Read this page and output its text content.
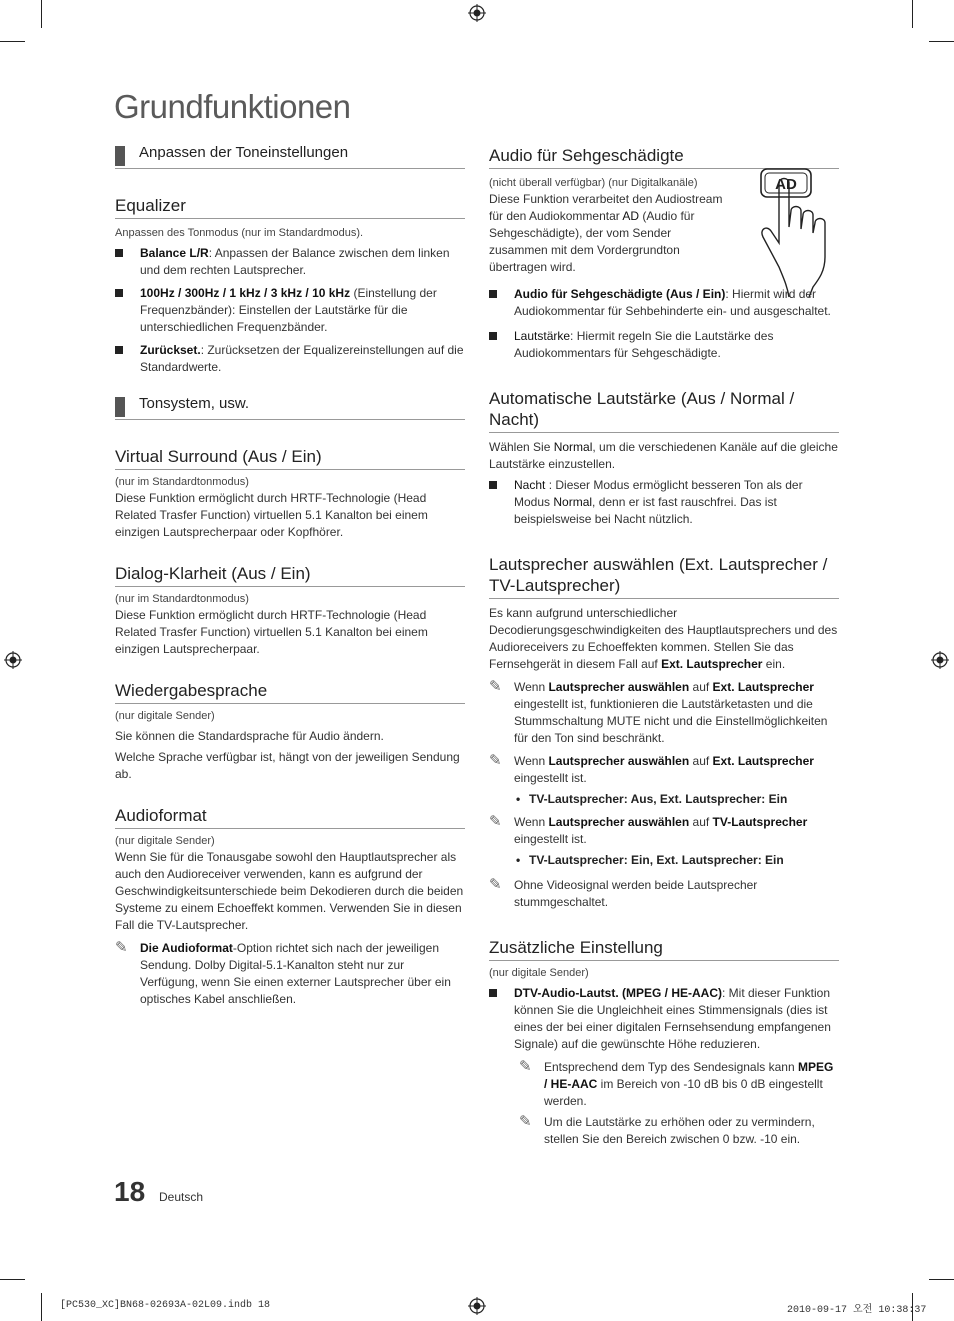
Grundfunktionen
Anpassen der Toneinstellungen
Equalizer
Anpassen des Tonmodus (nur im Standardmodus).
Balance L/R: Anpassen der Balance zwischen dem linken und dem rechten Lautsprecher.
100Hz / 300Hz / 1 kHz / 3 kHz / 10 kHz (Einstellung der Frequenzbänder): Einstellen der Lautstärke für die unterschiedlichen Frequenzbänder.
Zurückset.: Zurücksetzen der Equalizereinstellungen auf die Standardwerte.
Tonsystem, usw.
Virtual Surround (Aus / Ein)
(nur im Standardtonmodus)
Diese Funktion ermöglicht durch HRTF-Technologie (Head Related Trasfer Function) virtuellen 5.1 Kanalton bei einem einzigen Lautsprecherpaar oder Kopfhörer.
Dialog-Klarheit (Aus / Ein)
(nur im Standardtonmodus)
Diese Funktion ermöglicht durch HRTF-Technologie (Head Related Trasfer Function) virtuellen 5.1 Kanalton bei einem einzigen Lautsprecherpaar.
Wiedergabesprache
(nur digitale Sender)
Sie können die Standardsprache für Audio ändern.
Welche Sprache verfügbar ist, hängt von der jeweiligen Sendung ab.
Audioformat
(nur digitale Sender)
Wenn Sie für die Tonausgabe sowohl den Hauptlautsprecher als auch den Audioreceiver verwenden, kann es aufgrund der Geschwindigkeitsunterschiede beim Dekodieren durch die beiden Systeme zu einem Echoeffekt kommen. Verwenden Sie in diesen Fall die TV-Lautsprecher.
✎ Die Audioformat-Option richtet sich nach der jeweiligen Sendung. Dolby Digital-5.1-Kanalton steht nur zur Verfügung, wenn Sie einen externer Lautsprecher über ein optisches Kabel anschließen.
Audio für Sehgeschädigte
(nicht überall verfügbar) (nur Digitalkanäle)
Diese Funktion verarbeitet den Audiostream für den Audiokommentar AD (Audio für Sehgeschädigte), der vom Sender zusammen mit dem Vordergrundton übertragen wird.
AD
Audio für Sehgeschädigte (Aus / Ein): Hiermit wird der Audiokommentar für Sehbehinderte ein- und ausgeschaltet.
Lautstärke: Hiermit regeln Sie die Lautstärke des Audiokommentars für Sehgeschädigte.
Automatische Lautstärke (Aus / Normal / Nacht)
Wählen Sie Normal, um die verschiedenen Kanäle auf die gleiche Lautstärke einzustellen.
Nacht : Dieser Modus ermöglicht besseren Ton als der Modus Normal, denn er ist fast rauschfrei. Das ist beispielsweise bei Nacht nützlich.
Lautsprecher auswählen (Ext. Lautsprecher / TV-Lautsprecher)
Es kann aufgrund unterschiedlicher Decodierungsgeschwindigkeiten des Hauptlautsprechers und des Audioreceivers zu Echoeffekten kommen. Stellen Sie das Fernsehgerät in diesem Fall auf Ext. Lautsprecher ein.
✎ Wenn Lautsprecher auswählen auf Ext. Lautsprecher eingestellt ist, funktionieren die Lautstärketasten und die Stummschaltung MUTE nicht und die Einstellmöglichkeiten für den Ton sind beschränkt.
✎ Wenn Lautsprecher auswählen auf Ext. Lautsprecher eingestellt ist.
• TV-Lautsprecher: Aus, Ext. Lautsprecher: Ein
✎ Wenn Lautsprecher auswählen auf TV-Lautsprecher eingestellt ist.
• TV-Lautsprecher: Ein, Ext. Lautsprecher: Ein
✎ Ohne Videosignal werden beide Lautsprecher stummgeschaltet.
Zusätzliche Einstellung
(nur digitale Sender)
DTV-Audio-Lautst. (MPEG / HE-AAC): Mit dieser Funktion können Sie die Ungleichheit eines Stimmensignals (dies ist eines der bei einer digitalen Fernsehsendung empfangenen Signale) auf die gewünschte Höhe reduzieren.
✎ Entsprechend dem Typ des Sendesignals kann MPEG / HE-AAC im Bereich von -10 dB bis 0 dB eingestellt werden.
✎ Um die Lautstärke zu erhöhen oder zu vermindern, stellen Sie den Bereich zwischen 0 bzw. -10 ein.
18 Deutsch
[PC530_XC]BN68-02693A-02L09.indb 18	2010-09-17 오전 10:38:37
